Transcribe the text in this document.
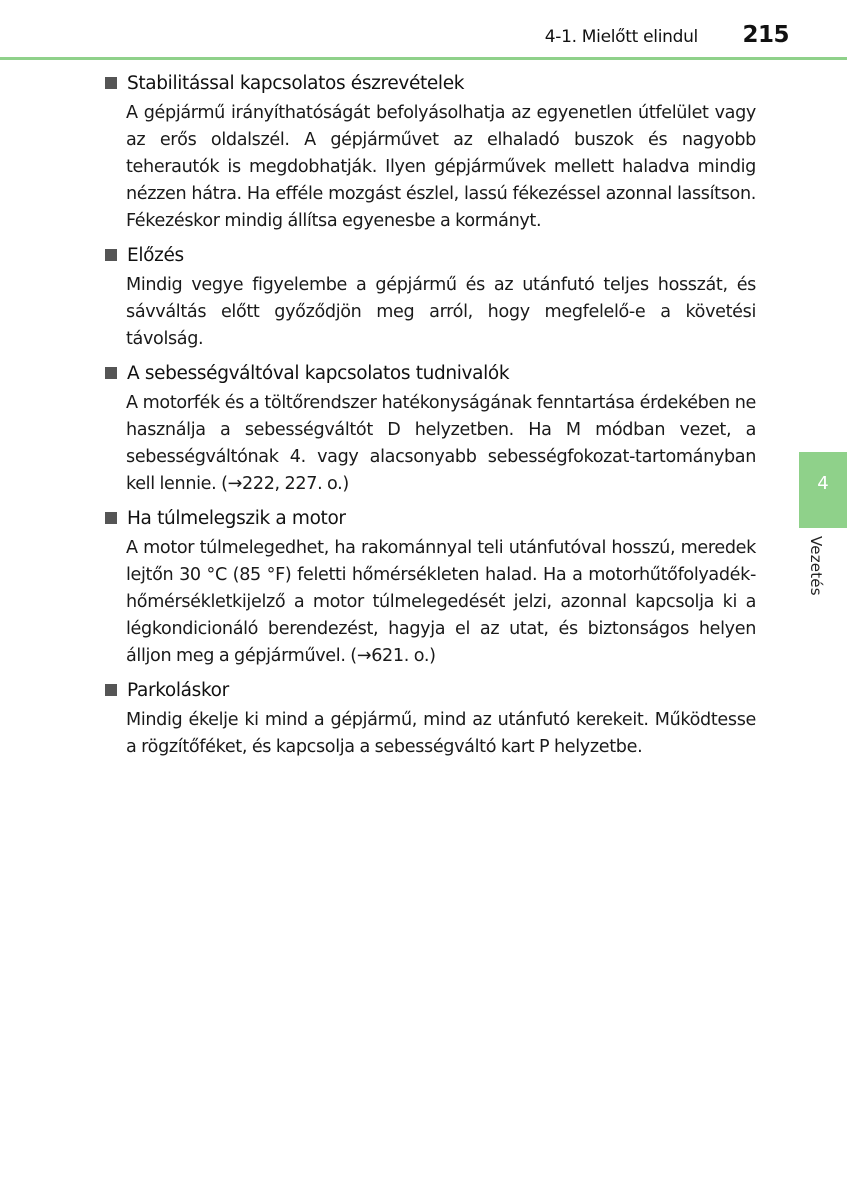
4-1. Mielőtt elindul 215
4
Vezetés
Stabilitással kapcsolatos észrevételek

A gépjármű irányíthatóságát befolyásolhatja az egyenetlen útfelület vagy az erős oldalszél. A gépjárművet az elhaladó buszok és nagyobb teherautók is megdobhatják. Ilyen gépjárművek mellett haladva mindig nézzen hátra. Ha efféle mozgást észlel, lassú fékezéssel azonnal lassítson. Fékezéskor mindig állítsa egyenesbe a kormányt.

Előzés

Mindig vegye figyelembe a gépjármű és az utánfutó teljes hosszát, és sávváltás előtt győződjön meg arról, hogy megfelelő-e a követési távolság.

A sebességváltóval kapcsolatos tudnivalók

A motorfék és a töltőrendszer hatékonyságának fenntartása érdekében ne használja a sebességváltót D helyzetben. Ha M módban vezet, a sebességváltónak 4. vagy alacsonyabb sebességfokozat-tartományban kell lennie. (→222, 227. o.)

Ha túlmelegszik a motor

A motor túlmelegedhet, ha rakománnyal teli utánfutóval hosszú, meredek lejtőn 30 °C (85 °F) feletti hőmérsékleten halad. Ha a motorhűtőfolyadék-hőmérsékletkijelző a motor túlmelegedését jelzi, azonnal kapcsolja ki a légkondicionáló berendezést, hagyja el az utat, és biztonságos helyen álljon meg a gépjárművel. (→621. o.)

Parkoláskor

Mindig ékelje ki mind a gépjármű, mind az utánfutó kerekeit. Működtesse a rögzítőféket, és kapcsolja a sebességváltó kart P helyzetbe.
